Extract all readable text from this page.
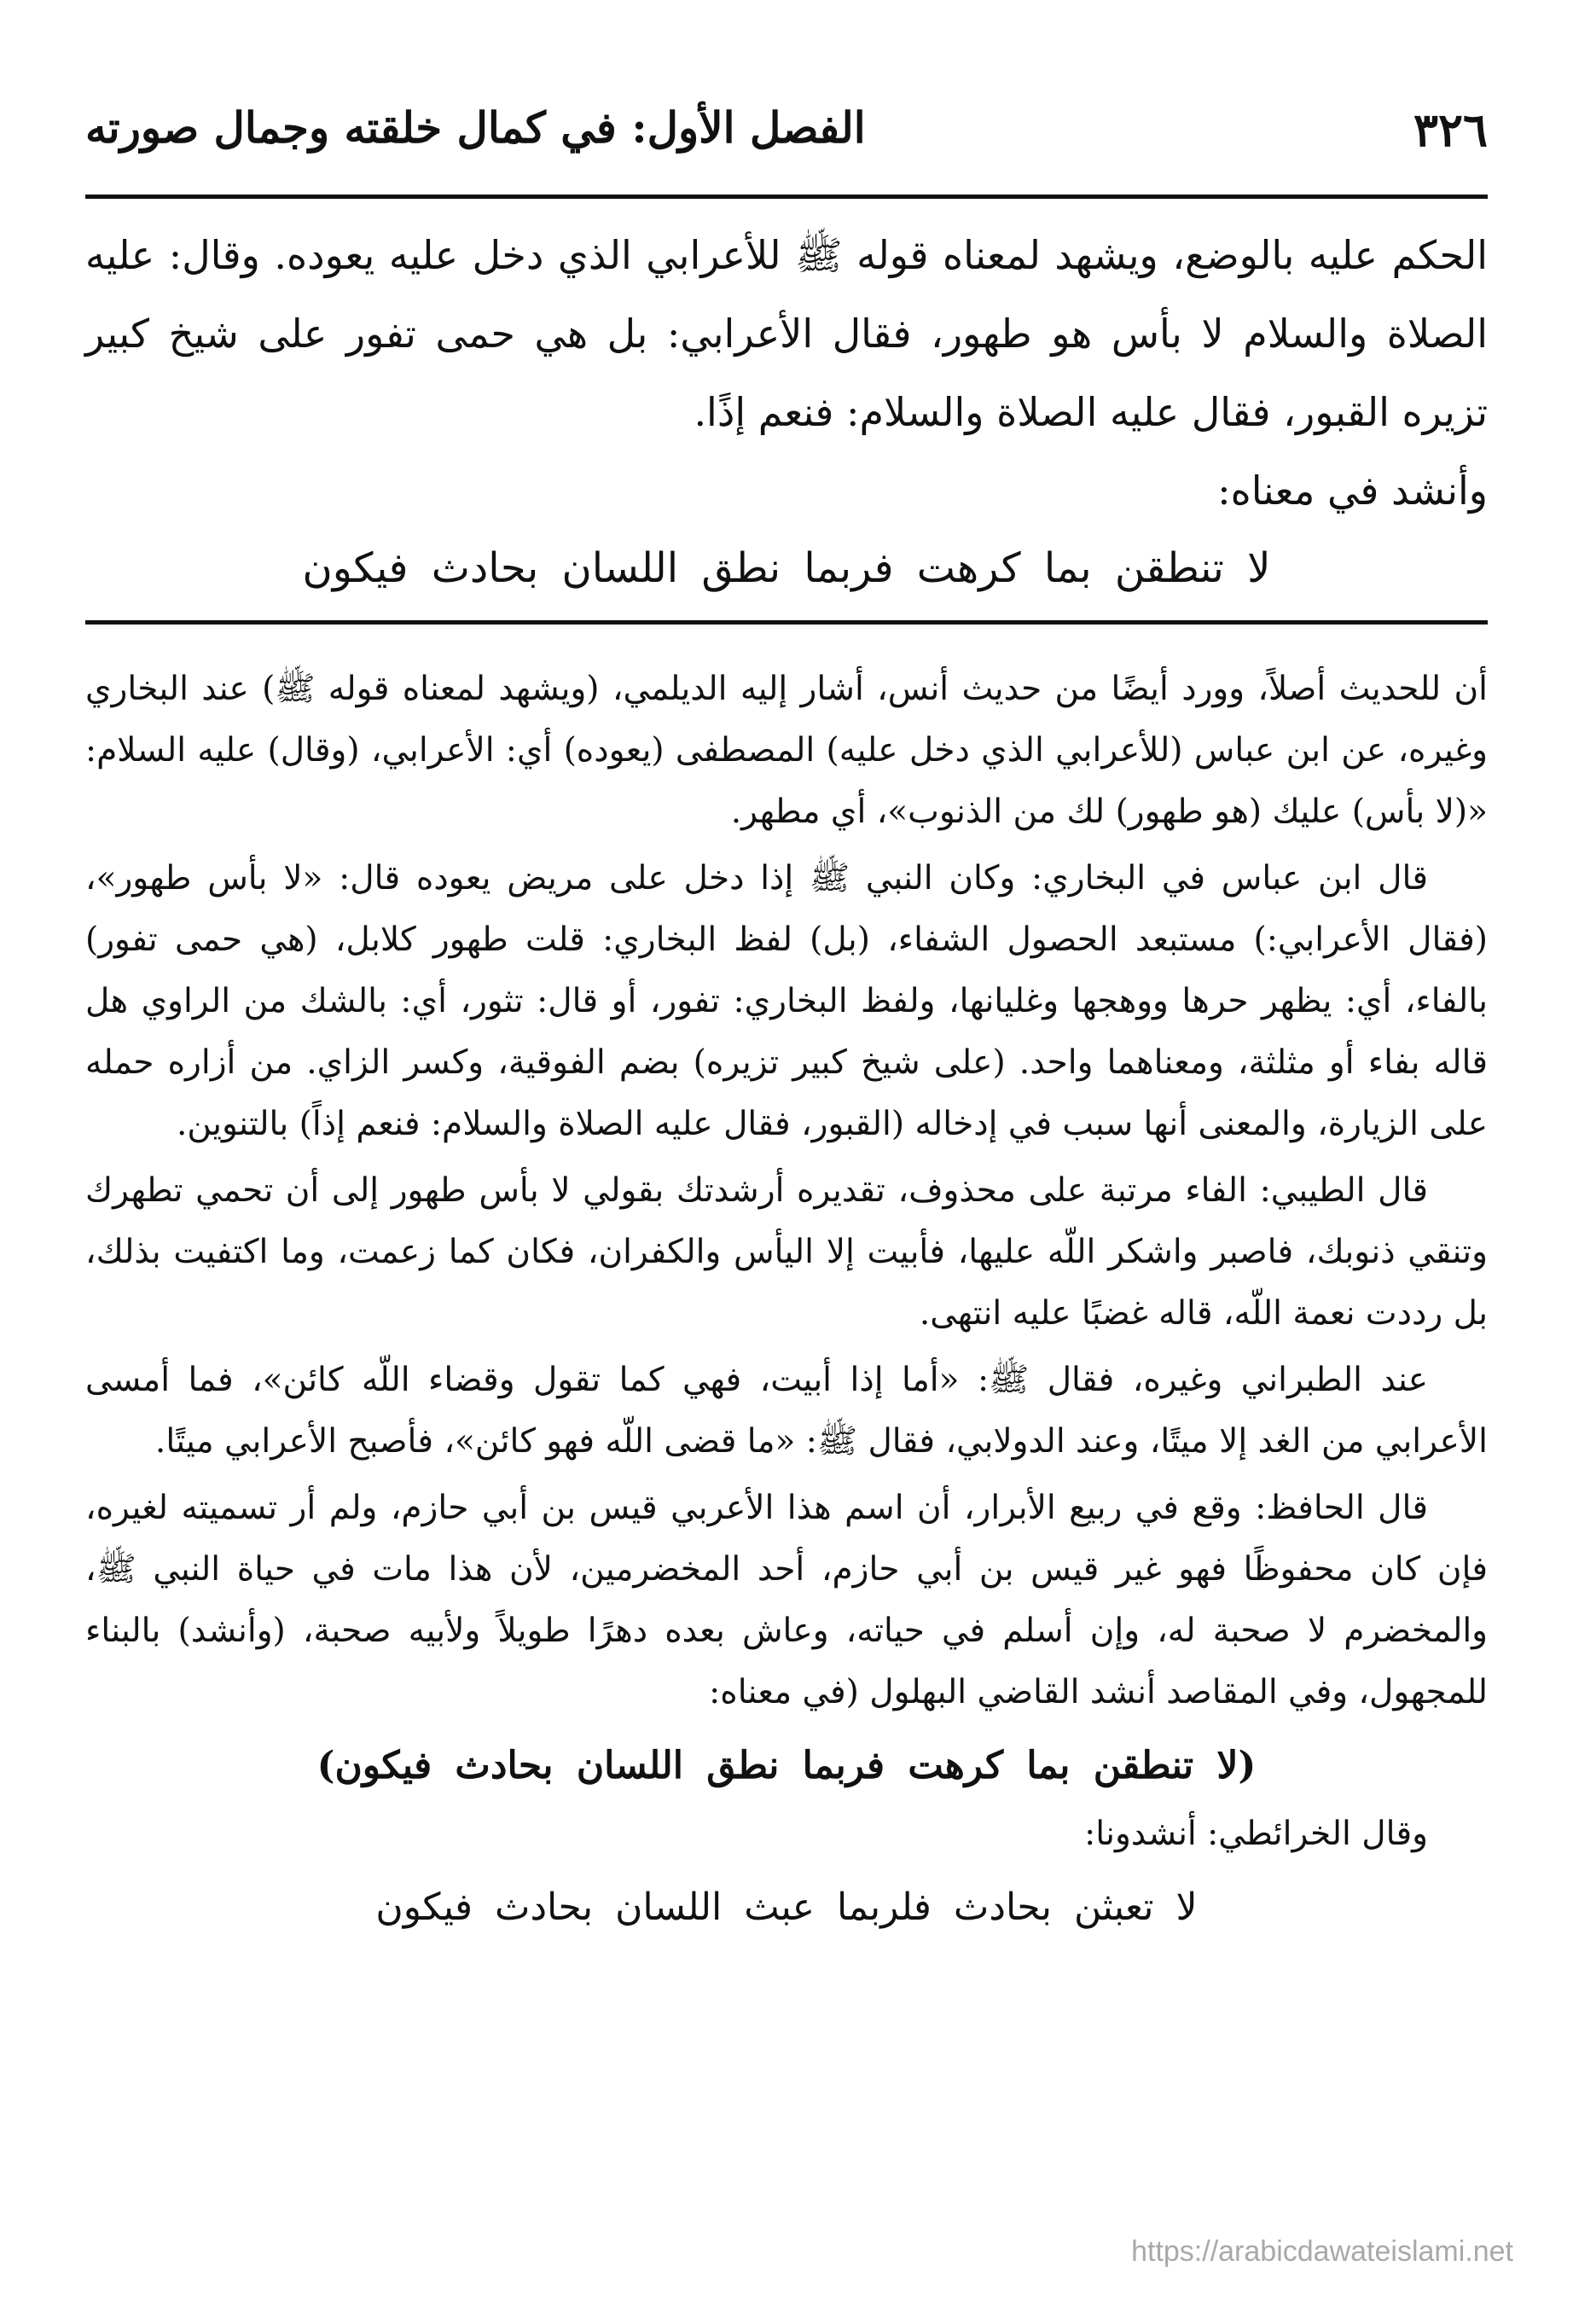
٣٢٦
الفصل الأول: في كمال خلقته وجمال صورته

الحكم عليه بالوضع، ويشهد لمعناه قوله ﷺ للأعرابي الذي دخل عليه يعوده. وقال: عليه الصلاة والسلام لا بأس هو طهور، فقال الأعرابي: بل هي حمى تفور على شيخ كبير تزيره القبور، فقال عليه الصلاة والسلام: فنعم إذًا.

وأنشد في معناه:

لا تنطقن بما كرهت فربما نطق اللسان بحادث فيكون

أن للحديث أصلاً، وورد أيضًا من حديث أنس، أشار إليه الديلمي، (ويشهد لمعناه قوله ﷺ) عند البخاري وغيره، عن ابن عباس (للأعرابي الذي دخل عليه) المصطفى (يعوده) أي: الأعرابي، (وقال) عليه السلام: «(لا بأس) عليك (هو طهور) لك من الذنوب»، أي مطهر.

قال ابن عباس في البخاري: وكان النبي ﷺ إذا دخل على مريض يعوده قال: «لا بأس طهور»، (فقال الأعرابي:) مستبعد الحصول الشفاء، (بل) لفظ البخاري: قلت طهور كلابل، (هي حمى تفور) بالفاء، أي: يظهر حرها ووهجها وغليانها، ولفظ البخاري: تفور، أو قال: تثور، أي: بالشك من الراوي هل قاله بفاء أو مثلثة، ومعناهما واحد. (على شيخ كبير تزيره) بضم الفوقية، وكسر الزاي. من أزاره حمله على الزيارة، والمعنى أنها سبب في إدخاله (القبور، فقال عليه الصلاة والسلام: فنعم إذاً) بالتنوين.

قال الطيبي: الفاء مرتبة على محذوف، تقديره أرشدتك بقولي لا بأس طهور إلى أن تحمي تطهرك وتنقي ذنوبك، فاصبر واشكر اللّه عليها، فأبيت إلا اليأس والكفران، فكان كما زعمت، وما اكتفيت بذلك، بل رددت نعمة اللّه، قاله غضبًا عليه انتهى.

عند الطبراني وغيره، فقال ﷺ: «أما إذا أبيت، فهي كما تقول وقضاء اللّه كائن»، فما أمسى الأعرابي من الغد إلا ميتًا، وعند الدولابي، فقال ﷺ: «ما قضى اللّه فهو كائن»، فأصبح الأعرابي ميتًا.

قال الحافظ: وقع في ربيع الأبرار، أن اسم هذا الأعربي قيس بن أبي حازم، ولم أر تسميته لغيره، فإن كان محفوظًا فهو غير قيس بن أبي حازم، أحد المخضرمين، لأن هذا مات في حياة النبي ﷺ، والمخضرم لا صحبة له، وإن أسلم في حياته، وعاش بعده دهرًا طويلاً ولأبيه صحبة، (وأنشد) بالبناء للمجهول، وفي المقاصد أنشد القاضي البهلول (في معناه:

(لا تنطقن بما كرهت فربما نطق اللسان بحادث فيكون)

وقال الخرائطي: أنشدونا:

لا تعبثن بحادث فلربما عبث اللسان بحادث فيكون
https://arabicdawateislami.net
